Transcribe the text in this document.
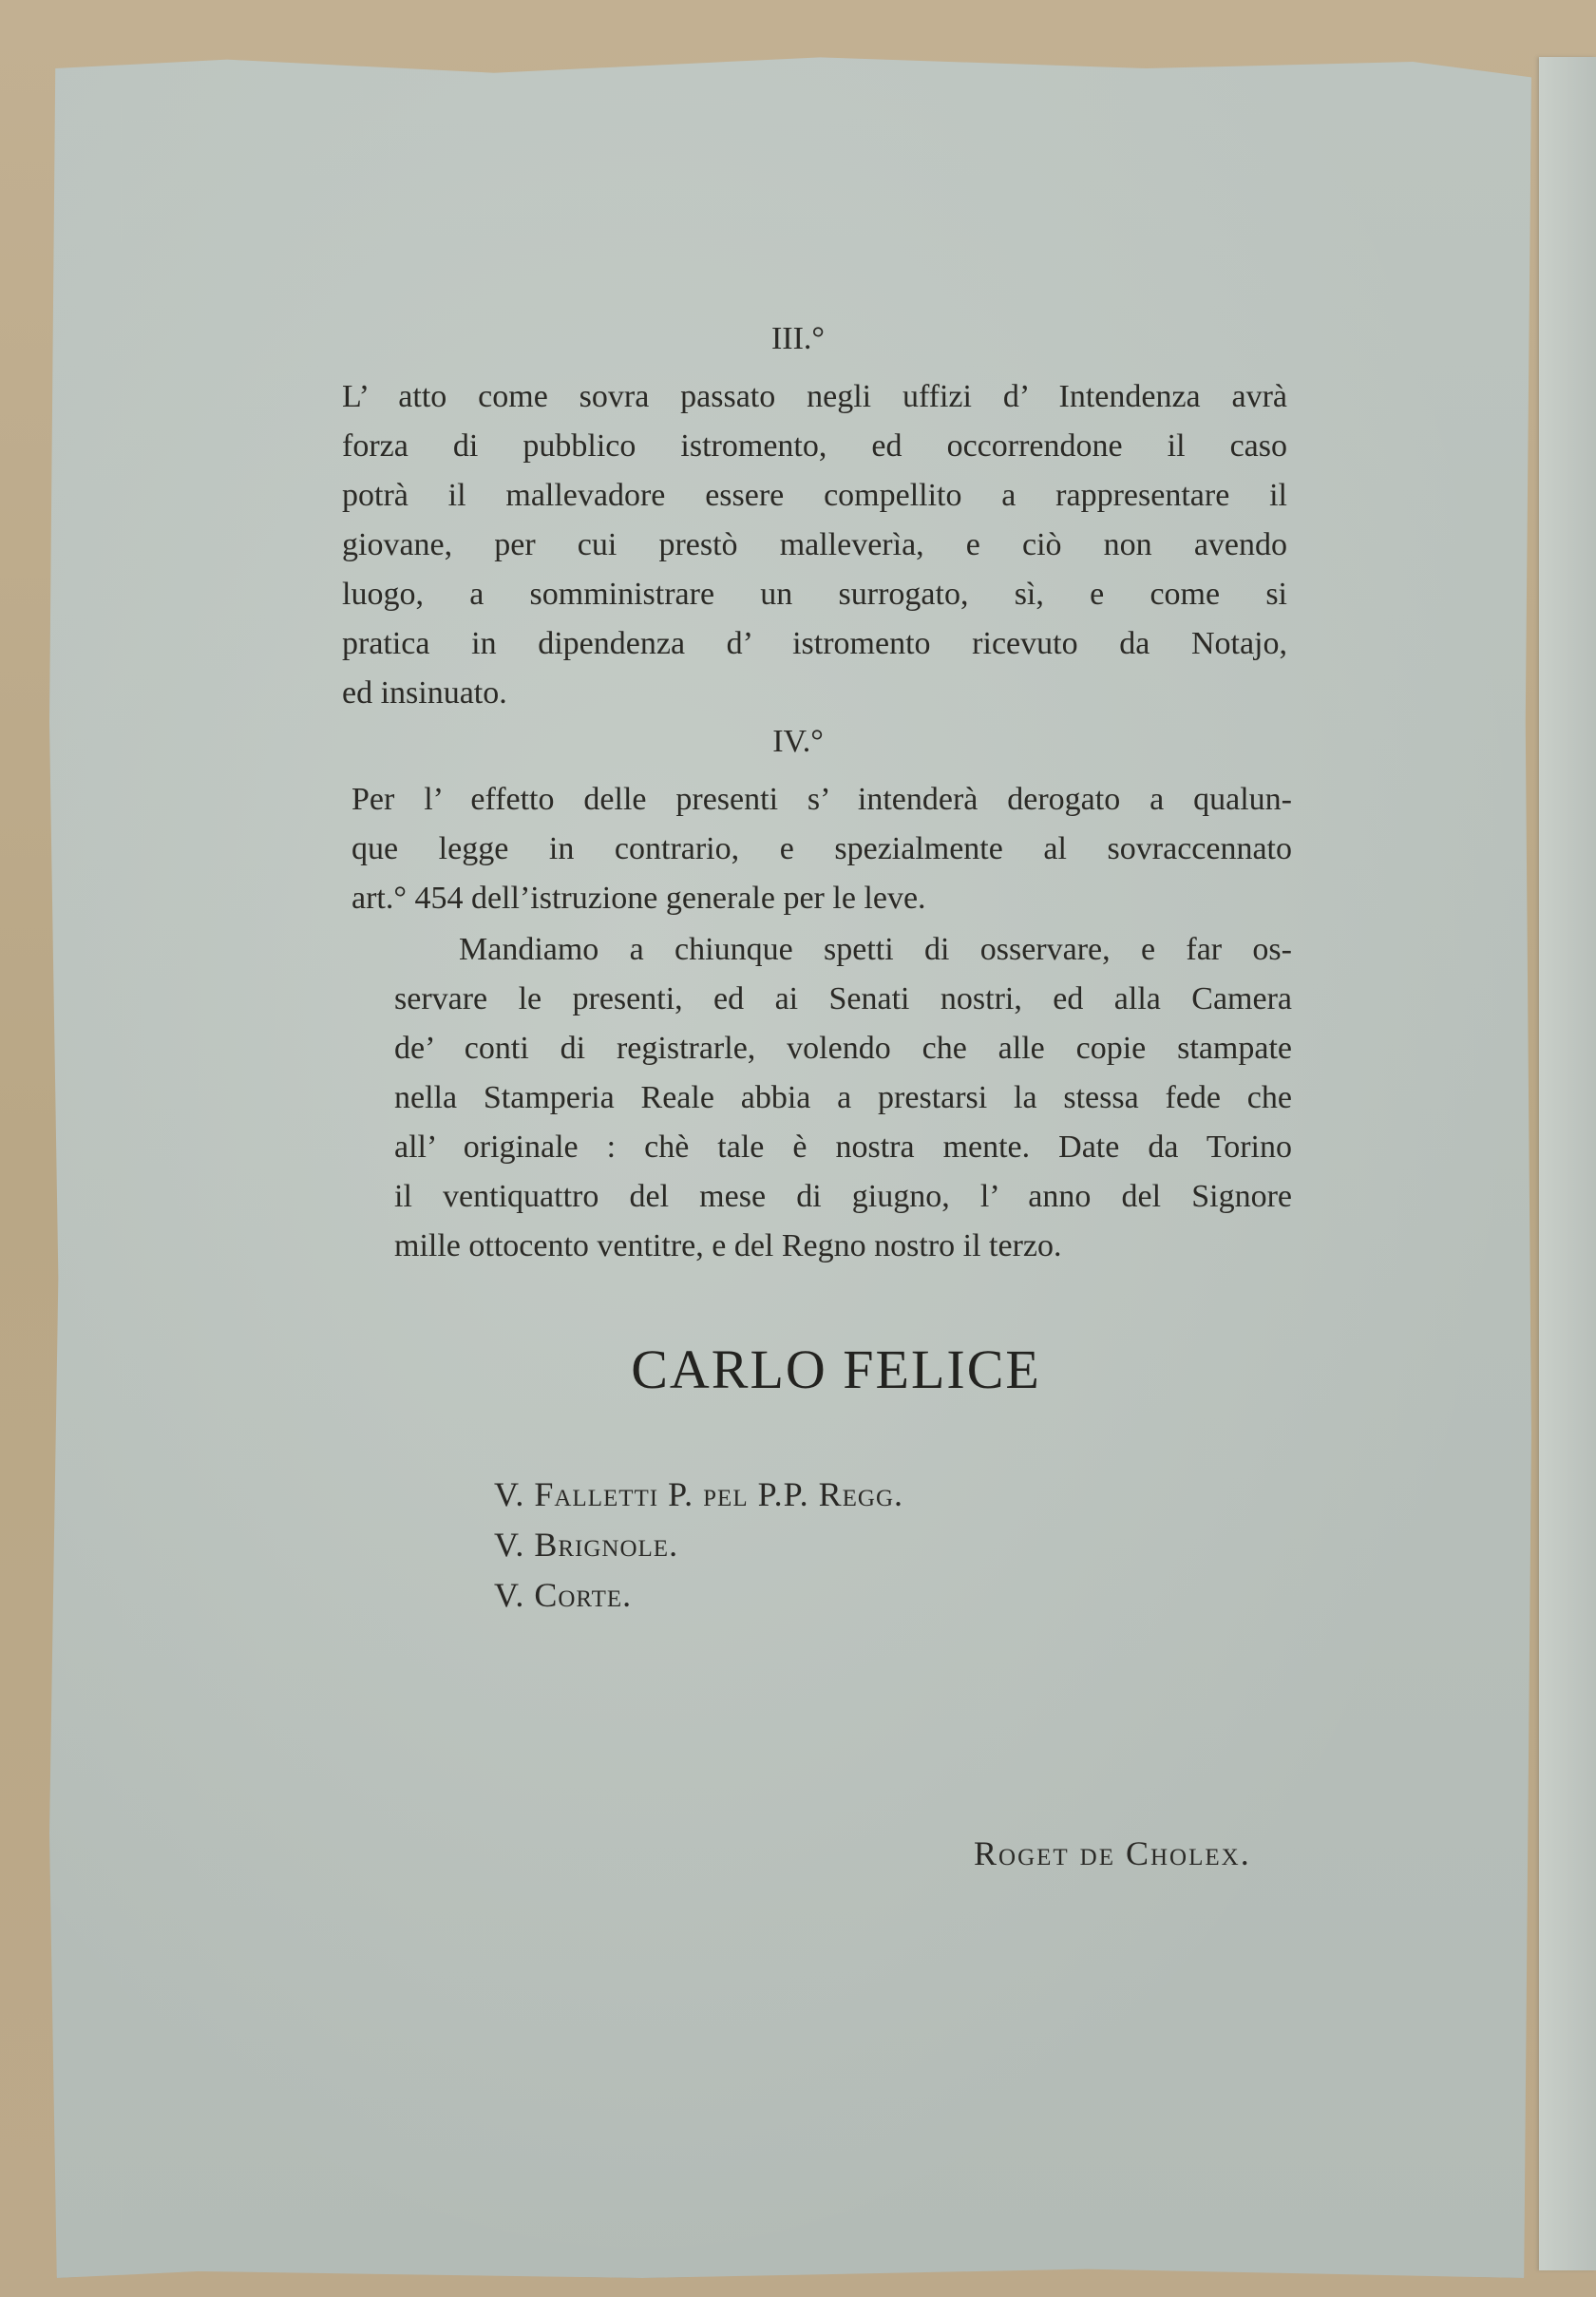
III.°
L’ atto come sovra passato negli uffizi d’ Intendenza avrà
forza di pubblico istromento, ed occorrendone il caso
potrà il mallevadore essere compellito a rappresentare il
giovane, per cui prestò malleverìa, e ciò non avendo
luogo, a somministrare un surrogato, sì, e come si
pratica in dipendenza d’ istromento ricevuto da Notajo,
ed insinuato.
IV.°
Per l’ effetto delle presenti s’ intenderà derogato a qualun-
que legge in contrario, e spezialmente al sovraccennato
art.° 454 dell’istruzione generale per le leve.
Mandiamo a chiunque spetti di osservare, e far os-
servare le presenti, ed ai Senati nostri, ed alla Camera
de’ conti di registrarle, volendo che alle copie stampate
nella Stamperia Reale abbia a prestarsi la stessa fede che
all’ originale : chè tale è nostra mente. Date da Torino
il ventiquattro del mese di giugno, l’ anno del Signore
mille ottocento ventitre, e del Regno nostro il terzo.
CARLO FELICE
V. Falletti P. pel P.P. Regg.
V. Brignole.
V. Corte.
Roget de Cholex.
